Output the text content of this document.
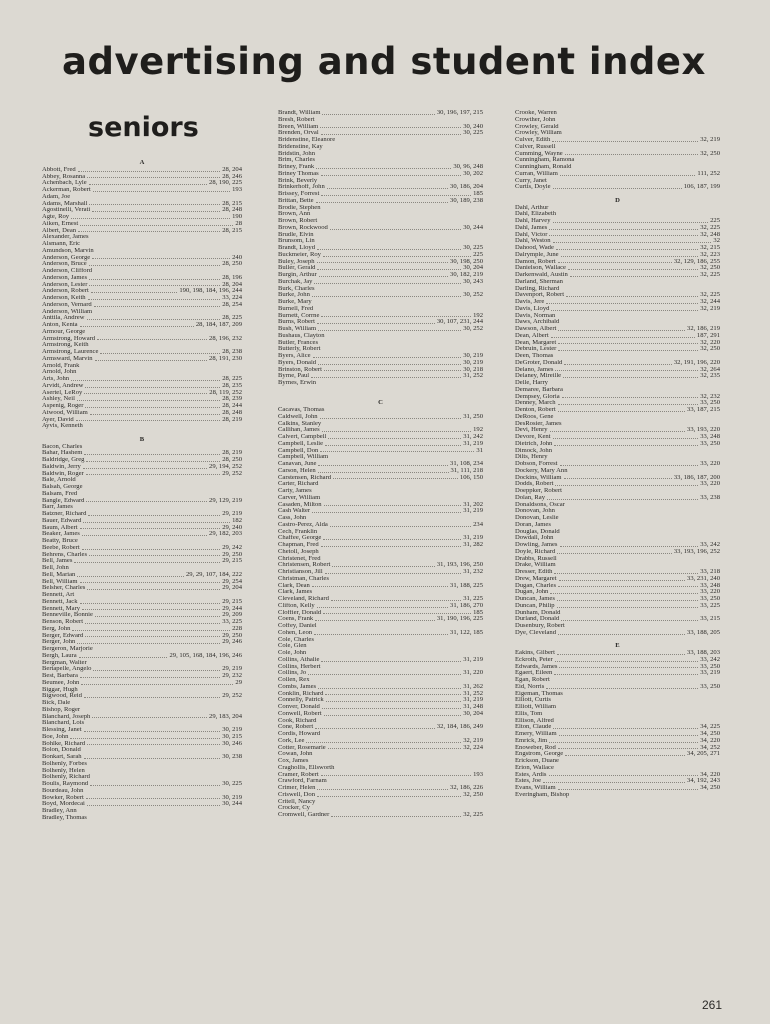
advertising and student index
seniors
A
Abbott, Fred	28, 204
Abbey, Rosanna	28, 246
Achenbach, Lyle	28, 190, 225
Ackerman, Robert	193
Adam, Joe
Adams, Marshall	28, 215
Agostinelli, Verati	28, 248
Agte, Roy	190
Aiken, Ernest	28
Albert, Dean	28, 215
Alexander, James
Alsmann, Eric
Amundson, Marvin
Anderson, George	240
Anderson, Bruce	28, 250
Anderson, Clifford
Anderson, James	28, 196
Anderson, Lester	28, 204
Anderson, Robert	190, 198, 184, 196, 244
Anderson, Keith	33, 224
Anderson, Vernard	28, 254
Anderson, William
Anttila, Andrew	28, 225
Anton, Kenta	28, 184, 187, 209
Armour, George
Armstrong, Howard	28, 196, 232
Armstrong, Keith
Armstrong, Laurence	28, 238
Armsward, Marvin	28, 191, 230
Arnold, Frank
Arnold, John
Arts, John	28, 225
Arvidt, Andrew	28, 235
Asertel, LeRoy	28, 119, 252
Ashley, Neil	28, 239
Aspenig, Roger	28, 244
Atwood, William	28, 248
Ayer, David	28, 219
Ayvis, Kenneth
B
Bacon, Charles
Bahar, Hashem	28, 219
Baldridge, Greg	28, 250
Baldwin, Jerry	29, 194, 252
Baldwin, Roger	29, 252
Bale, Arnold
Balsah, George
Balsam, Fred
Bangle, Edward	29, 129, 219
Barr, James
Batzner, Richard	29, 219
Bauer, Edward	182
Baum, Albert	29, 240
Beaker, James	29, 182, 203
Beatty, Bruce
Beebe, Robert	29, 242
Behrens, Charles	29, 250
Bell, James	29, 215
Bell, John
Bell, Marian	29, 29, 107, 184, 222
Bell, William	29, 254
Belsher, Charles	29, 204
Bennett, Art
Bennett, Jack	29, 215
Bennett, Mary	29, 244
Benneville, Bonnie	29, 209
Benson, Robert	33, 225
Berg, John	228
Berger, Edward	29, 250
Berger, John	29, 246
Bergeron, Marjorie
Bergh, Laura	29, 105, 168, 184, 196, 246
Bergman, Walter
Bertapelle, Angelo	29, 219
Best, Barbara	29, 232
Beumee, John	29
Biggar, Hugh
Bigwood, Reid	29, 252
Bick, Dale
Bishop, Roger
Blanchard, Joseph	29, 183, 204
Blanchard, Lois
Blessing, Janet	30, 219
Boe, John	30, 215
Bohlke, Richard	30, 246
Bolon, Donald
Bonkart, Sarah	30, 238
Bolhenly, Forbes
Bolhenly, Helen
Bolhenly, Richard
Boulis, Raymond	30, 225
Bourdeau, John
Bowker, Robert	30, 219
Boyd, Mordecai	30, 244
Bradley, Ann
Bradley, Thomas
Brandt, William	30, 196, 197, 215
Bresh, Robert
Breen, William	30, 240
Brenden, Orval	30, 225
Bridenstine, Eleanore
Bridenstine, Kay
Bridstin, John
Brim, Charles
Briney, Frank	30, 96, 248
Briney Thomas	30, 202
Brink, Beverly
Brinkerhoff, John	30, 186, 204
Brissey, Forrest	185
Brittan, Bette	30, 189, 238
Brodie, Stephen
Brown, Ann
Brown, Robert
Brown, Rockwood	30, 244
Brudle, Elvin
Brunsom, Lin
Brandt, Lloyd	30, 225
Buckmeier, Roy	225
Buley, Joseph	30, 198, 250
Buller, Gerald	30, 204
Burgin, Arthur	30, 182, 219
Burchak, Jay	30, 243
Burk, Charles
Burke, John	30, 252
Burke, Mary
Burnell, Fred
Burnett, Corrne	192
Burns, Robert	30, 107, 231, 244
Bush, William	30, 252
Bushaus, Clayton
Butler, Frances
Butterly, Robert
Byers, Alice	30, 219
Byers, Donald	30, 219
Brinston, Robert	30, 218
Byrne, Paul	31, 252
Byrnes, Erwin
C
Cacavas, Thomas
Caldwell, John	31, 250
Calkins, Stanley
Callihan, James	192
Calvert, Campbell	31, 242
Campbell, Leslie	31, 219
Campbell, Don	31
Campbell, William
Canavan, June	31, 108, 234
Carson, Helen	31, 111, 218
Carstensen, Richard	106, 150
Carter, Richard
Carty, James
Carver, William
Casaden, Milton	31, 202
Cash Walter	31, 219
Cass, John
Castro-Perez, Alda	234
Cech, Franklin
Chaffee, George	31, 219
Chapman, Fred	31, 282
Chetoll, Joseph
Christenet, Fred
Christensen, Robert	31, 193, 196, 250
Christianson, Jill	31, 232
Christman, Charles
Clark, Dean	31, 188, 225
Clark, James
Cleveland, Richard	31, 225
Clifton, Kelly	31, 186, 270
Cloffier, Donald	185
Coens, Frank	31, 190, 196, 225
Coffey, Daniel
Cohen, Leon	31, 122, 185
Cole, Charles
Cole, Glen
Cole, John
Collins, Athalie	31, 219
Collins, Herbert
Collins, Jo	31, 220
Collen, Rex
Combs, James	31, 262
Conklin, Richard	31, 252
Connelly, Patrick	31, 219
Conver, Donald	31, 248
Conwell, Robert	30, 204
Cook, Richard
Cone, Robert	32, 184, 186, 249
Cordis, Howard
Cork, Lee	32, 219
Cotter, Rosemarie	32, 224
Cowan, John
Cox, James
Craghollis, Ellsworth
Cramer, Robert	193
Crawford, Farnam
Crimer, Helen	32, 186, 226
Criswell, Don	32, 250
Critell, Nancy
Crocker, Cy
Cromwell, Gardner	32, 225
Crooke, Warren
Crowther, John
Crowley, Gerald
Crowley, William
Culver, Edith	32, 219
Culver, Russell
Cumming, Wayne	32, 250
Cunningham, Ramona
Cunningham, Ronald
Curran, William	111, 252
Curry, Janet
Curtis, Doyle	106, 187, 199
D
Dahl, Arthur
Dahl, Elizabeth
Dahl, Harvey	225
Dahl, James	32, 225
Dahl, Victor	32, 248
Dahl, Weston	32
Dahood, Wade	32, 215
Dalrymple, June	32, 223
Damon, Robert	32, 129, 186, 255
Danielson, Wallace	32, 250
Darkenwald, Austin	32, 225
Darland, Sherman
Darling, Richard
Davenport, Robert	32, 225
Davis, Jere	32, 244
Davis, Lloyd	32, 219
Davis, Norman
Daws, Archibald
Dawson, Albert	32, 186, 219
Dean, Albert	187, 291
Dean, Margaret	32, 220
Debruin, Lester	32, 250
Deen, Thomas
DeGroter, Donald	32, 191, 196, 220
Delano, James	32, 264
Delaney, Mireille	32, 235
Delle, Harry
Demaree, Barbara
Dempsey, Gloria	32, 232
Denney, March	33, 250
Denton, Robert	33, 187, 215
DeRoos, Gene
DesRosier, James
Devi, Henry	33, 193, 220
Devore, Kent	33, 248
Dietrich, John	33, 250
Dimock, John
Dilts, Henry
Dobson, Forrest	33, 220
Dockery, Mary Ann
Dockins, William	33, 186, 187, 200
Dodds, Robert	33, 220
Doeppker, Robert
Dolan, Ray	33, 238
Donaldsons, Oscar
Donovan, John
Donovan, Leslie
Doran, James
Douglas, Donald
Dowdall, John
Dowling, James	33, 242
Doyle, Richard	33, 193, 196, 252
Drabbs, Russell
Drake, William
Dresser, Edith	33, 218
Drew, Margaret	33, 231, 240
Dugan, Charles	33, 248
Dugan, John	33, 220
Duncan, James	33, 250
Duncan, Philip	33, 225
Dunham, Donald
Durland, Donald	33, 215
Dusenbury, Robert
Dye, Cleveland	33, 188, 205
E
Eakins, Gilbert	33, 188, 203
Eckroth, Peter	33, 242
Edwards, James	33, 250
Egaert, Eileen	33, 219
Egan, Robert
Eid, Norris	33, 250
Eigeman, Thomas
Elliott, Curtis
Elliott, William
Ellis, Tom
Ellison, Alfred
Elton, Claude	34, 225
Emery, William	34, 250
Emrick, Jim	34, 220
Enoweber, Rod	34, 252
Engstrom, George	34, 205, 271
Erickson, Duane
Erion, Wallace
Estes, Ardis	34, 220
Estes, Joe	34, 192, 243
Evans, William	34, 250
Everingham, Bishop
261
